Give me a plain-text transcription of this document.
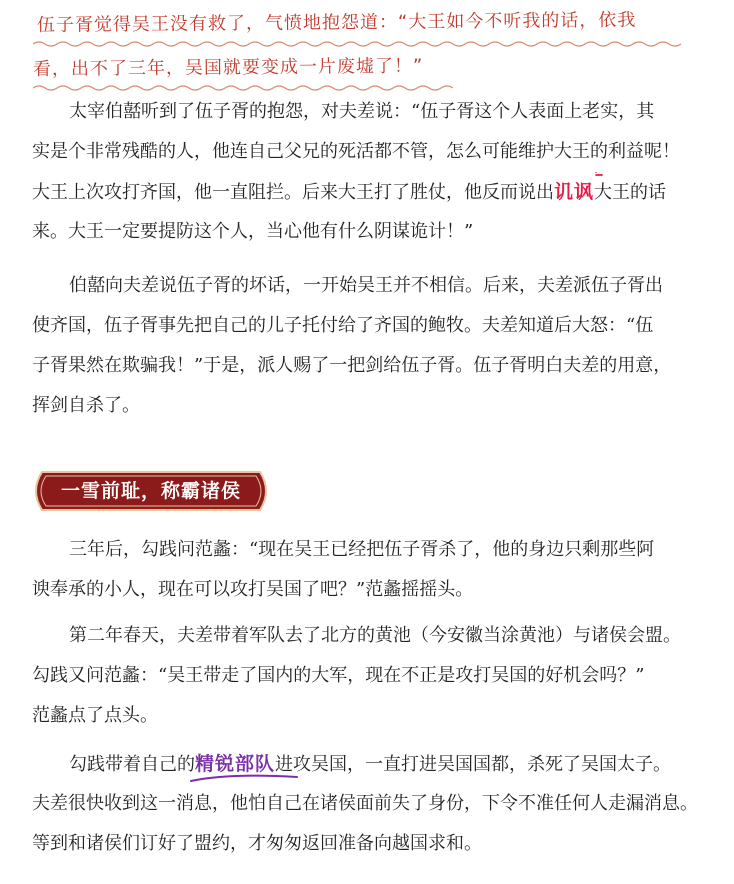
伍子胥觉得吴王没有救了，气愤地抱怨道：“大王如今不听我的话，依我
看，出不了三年，吴国就要变成一片废墟了！”
太宰伯嚭听到了伍子胥的抱怨，对夫差说：“伍子胥这个人表面上老实，其
实是个非常残酷的人，他连自己父兄的死活都不管，怎么可能维护大王的利益呢！
大王上次攻打齐国，他一直阻拦。后来大王打了胜仗，他反而说出讥讽
大王的话
来。大王一定要提防这个人，当心他有什么阴谋诡计！”
伯嚭向夫差说伍子胥的坏话，一开始吴王并不相信。后来，夫差派伍子胥出
使齐国，伍子胥事先把自己的儿子托付给了齐国的鲍牧。夫差知道后大怒：“伍
子胥果然在欺骗我！”于是，派人赐了一把剑给伍子胥。伍子胥明白夫差的用意，
挥剑自杀了。
一雪前耻，称霸诸侯
三年后，勾践问范蠡：“现在吴王已经把伍子胥杀了，他的身边只剩那些阿
谀奉承的小人，现在可以攻打吴国了吧？”范蠡摇摇头。
第二年春天，夫差带着军队去了北方的黄池（今安徽当涂黄池）与诸侯会盟。
勾践又问范蠡：“吴王带走了国内的大军，现在不正是攻打吴国的好机会吗？”
范蠡点了点头。
勾践带着自己的精锐部队
进攻吴国，一直打进吴国国都，杀死了吴国太子。
夫差很快收到这一消息，他怕自己在诸侯面前失了身份，下令不准任何人走漏消息。
等到和诸侯们订好了盟约，才匆匆返回准备向越国求和。
